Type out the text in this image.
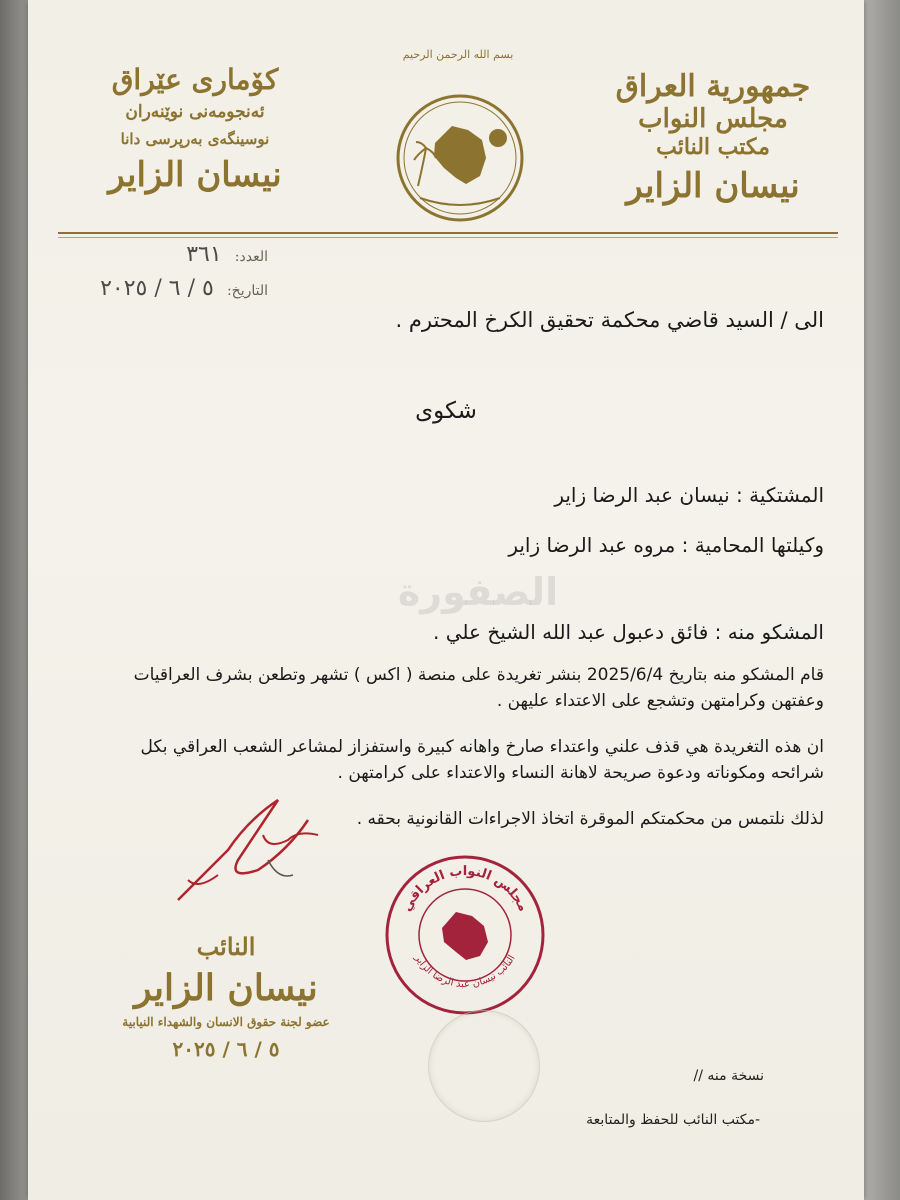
جمهورية العراق
مجلس النواب
مكتب النائب
نيسان الزاير
بسم الله الرحمن الرحيم
كۆماری عێراق
ئەنجومەنی نوێنەران
نوسینگەی بەرپرسی دانا
نیسان الزایر
العدد: ٣٦١
التاريخ: ٥ / ٦ / ٢٠٢٥
الى / السيد قاضي محكمة تحقيق الكرخ المحترم .
شكوى
الصفورة
المشتكية : نيسان عبد الرضا زاير
وكيلتها المحامية : مروه عبد الرضا زاير
المشكو منه : فائق دعبول عبد الله الشيخ علي .
قام المشكو منه بتاريخ 2025/6/4 بنشر تغريدة على منصة ( اكس ) تشهر وتطعن بشرف العراقيات وعفتهن وكرامتهن وتشجع على الاعتداء عليهن .
ان هذه التغريدة هي قذف علني واعتداء صارخ واهانه كبيرة واستفزاز لمشاعر الشعب العراقي بكل شرائحه ومكوناته ودعوة صريحة لاهانة النساء والاعتداء على كرامتهن .
لذلك نلتمس من محكمتكم الموقرة اتخاذ الاجراءات القانونية بحقه .
مجلس النواب العراقي
النائب نيسان عبد الرضا الزاير
النائب
نيسان الزاير
عضو لجنة حقوق الانسان والشهداء النيابية
٥ / ٦ / ٢٠٢٥
نسخة منه //
-مكتب النائب للحفظ والمتابعة
